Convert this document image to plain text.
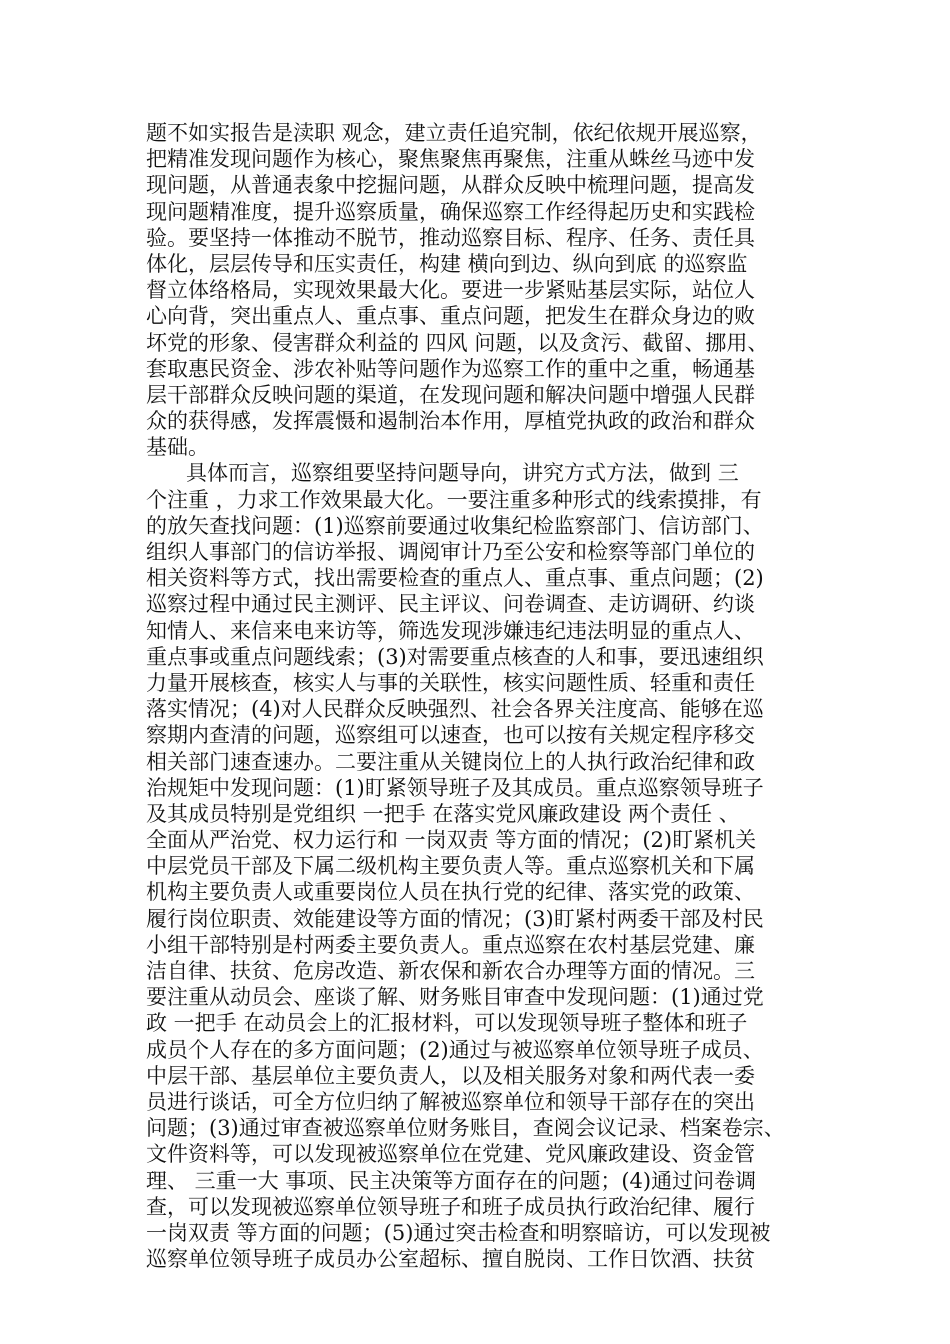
题不如实报告是渎职 观念，建立责任追究制，依纪依规开展巡察，
把精准发现问题作为核心，聚焦聚焦再聚焦，注重从蛛丝马迹中发
现问题，从普通表象中挖掘问题，从群众反映中梳理问题，提高发
现问题精准度，提升巡察质量，确保巡察工作经得起历史和实践检
验。要坚持一体推动不脱节，推动巡察目标、程序、任务、责任具
体化，层层传导和压实责任，构建 横向到边、纵向到底 的巡察监
督立体络格局，实现效果最大化。要进一步紧贴基层实际，站位人
心向背，突出重点人、重点事、重点问题，把发生在群众身边的败
坏党的形象、侵害群众利益的 四风 问题，以及贪污、截留、挪用、
套取惠民资金、涉农补贴等问题作为巡察工作的重中之重，畅通基
层干部群众反映问题的渠道，在发现问题和解决问题中增强人民群
众的获得感，发挥震慑和遏制治本作用，厚植党执政的政治和群众
基础。
具体而言，巡察组要坚持问题导向，讲究方式方法，做到 三
个注重 ，力求工作效果最大化。一要注重多种形式的线索摸排，有
的放矢查找问题：(1)巡察前要通过收集纪检监察部门、信访部门、
组织人事部门的信访举报、调阅审计乃至公安和检察等部门单位的
相关资料等方式，找出需要检查的重点人、重点事、重点问题；(2)
巡察过程中通过民主测评、民主评议、问卷调查、走访调研、约谈
知情人、来信来电来访等，筛选发现涉嫌违纪违法明显的重点人、
重点事或重点问题线索；(3)对需要重点核查的人和事，要迅速组织
力量开展核查，核实人与事的关联性，核实问题性质、轻重和责任
落实情况；(4)对人民群众反映强烈、社会各界关注度高、能够在巡
察期内查清的问题，巡察组可以速查，也可以按有关规定程序移交
相关部门速查速办。二要注重从关键岗位上的人执行政治纪律和政
治规矩中发现问题：(1)盯紧领导班子及其成员。重点巡察领导班子
及其成员特别是党组织 一把手 在落实党风廉政建设 两个责任 、
全面从严治党、权力运行和 一岗双责 等方面的情况；(2)盯紧机关
中层党员干部及下属二级机构主要负责人等。重点巡察机关和下属
机构主要负责人或重要岗位人员在执行党的纪律、落实党的政策、
履行岗位职责、效能建设等方面的情况；(3)盯紧村两委干部及村民
小组干部特别是村两委主要负责人。重点巡察在农村基层党建、廉
洁自律、扶贫、危房改造、新农保和新农合办理等方面的情况。三
要注重从动员会、座谈了解、财务账目审查中发现问题：(1)通过党
政 一把手 在动员会上的汇报材料，可以发现领导班子整体和班子
成员个人存在的多方面问题；(2)通过与被巡察单位领导班子成员、
中层干部、基层单位主要负责人，以及相关服务对象和两代表一委
员进行谈话，可全方位归纳了解被巡察单位和领导干部存在的突出
问题；(3)通过审查被巡察单位财务账目，查阅会议记录、档案卷宗、
文件资料等，可以发现被巡察单位在党建、党风廉政建设、资金管
理、 三重一大 事项、民主决策等方面存在的问题；(4)通过问卷调
查，可以发现被巡察单位领导班子和班子成员执行政治纪律、履行
一岗双责 等方面的问题；(5)通过突击检查和明察暗访，可以发现被
巡察单位领导班子成员办公室超标、擅自脱岗、工作日饮酒、扶贫
